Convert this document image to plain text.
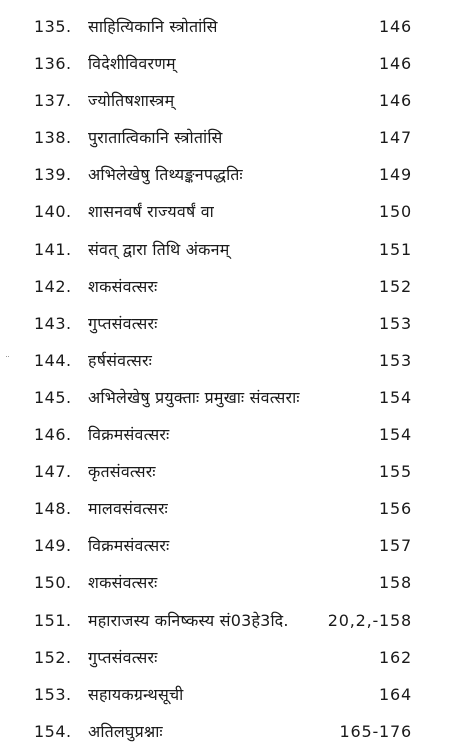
135. साहित्यिकानि स्त्रोतांसि	146
136. विदेशीविवरणम्	146
137. ज्योतिषशास्त्रम्	146
138. पुरातात्विकानि स्त्रोतांसि	147
139. अभिलेखेषु तिथ्यङ्कनपद्धतिः	149
140. शासनवर्षं राज्यवर्षं वा	150
141. संवत् द्वारा तिथि अंकनम्	151
142. शकसंवत्सरः	152
143. गुप्तसंवत्सरः	153
144. हर्षसंवत्सरः	153
145. अभिलेखेषु प्रयुक्ताः प्रमुखाः संवत्सराः	154
146. विक्रमसंवत्सरः	154
147. कृतसंवत्सरः	155
148. मालवसंवत्सरः	156
149. विक्रमसंवत्सरः	157
150. शकसंवत्सरः	158
151. महाराजस्य कनिष्कस्य सं03हे3दि. 20,2,-158
152. गुप्तसंवत्सरः	162
153. सहायकग्रन्थसूची	164
154. अतिलघुप्रश्नाः	165-176
